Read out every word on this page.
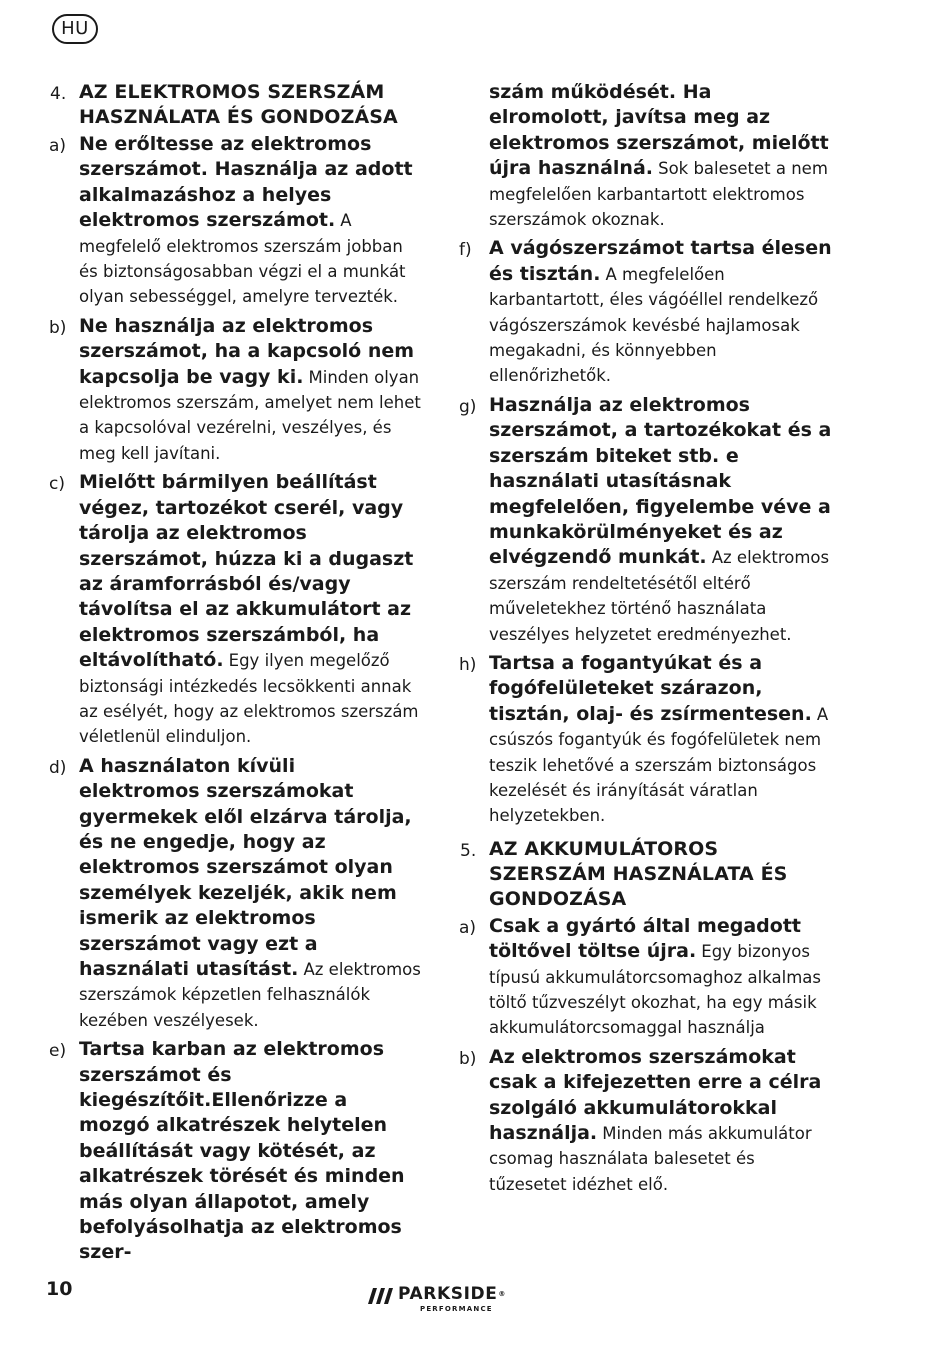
HU
4. AZ ELEKTROMOS SZERSZÁM HASZNÁLATA ÉS GONDOZÁSA
a) Ne erőltesse az elektromos szerszámot. Használja az adott alkalmazáshoz a helyes elektromos szerszámot. A megfelelő elektromos szerszám jobban és biztonságosabban végzi el a munkát olyan sebességgel, amelyre tervezték.

b) Ne használja az elektromos szerszámot, ha a kapcsoló nem kapcsolja be vagy ki. Minden olyan elektromos szerszám, amelyet nem lehet a kapcsolóval vezérelni, veszélyes, és meg kell javítani.

c) Mielőtt bármilyen beállítást végez, tartozékot cserél, vagy tárolja az elektromos szerszámot, húzza ki a dugaszt az áramforrásból és/vagy távolítsa el az akkumulátort az elektromos szerszámból, ha eltávolítható. Egy ilyen megelőző biztonsági intézkedés lecsökkenti annak az esélyét, hogy az elektromos szerszám véletlenül elinduljon.

d) A használaton kívüli elektromos szerszámokat gyermekek elől elzárva tárolja, és ne engedje, hogy az elektromos szerszámot olyan személyek kezeljék, akik nem ismerik az elektromos szerszámot vagy ezt a használati utasítást. Az elektromos szerszámok képzetlen felhasználók kezében veszélyesek.

e) Tartsa karban az elektromos szerszámot és kiegészítőit.Ellenőrizze a mozgó alkatrészek helytelen beállítását vagy kötését, az alkatrészek törését és minden más olyan állapotot, amely befolyásolhatja az elektromos szer-

szám működését. Ha elromolott, javítsa meg az elektromos szerszámot, mielőtt újra használná. Sok balesetet a nem megfelelően karbantartott elektromos szerszámok okoznak.

f) A vágószerszámot tartsa élesen és tisztán. A megfelelően karbantartott, éles vágóéllel rendelkező vágószerszámok kevésbé hajlamosak megakadni, és könnyebben ellenőrizhetők.

g) Használja az elektromos szerszámot, a tartozékokat és a szerszám biteket stb. e használati utasításnak megfelelően, figyelembe véve a munkakörülményeket és az elvégzendő munkát. Az elektromos szerszám rendeltetésétől eltérő műveletekhez történő használata veszélyes helyzetet eredményezhet.

h) Tartsa a fogantyúkat és a fogófelületeket szárazon, tisztán, olaj- és zsírmentesen. A csúszós fogantyúk és fogófelületek nem teszik lehetővé a szerszám biztonságos kezelését és irányítását váratlan helyzetekben.

5. AZ AKKUMULÁTOROS SZERSZÁM HASZNÁLATA ÉS GONDOZÁSA
a) Csak a gyártó által megadott töltővel töltse újra. Egy bizonyos típusú akkumulátorcsomaghoz alkalmas töltő tűzveszélyt okozhat, ha egy másik akkumulátorcsomaggal használja

b) Az elektromos szerszámokat csak a kifejezetten erre a célra szolgáló akkumulátorokkal használja. Minden más akkumulátor csomag használata balesetet és tűzesetet idézhet elő.

10	PARKSIDE®
PERFORMANCE
